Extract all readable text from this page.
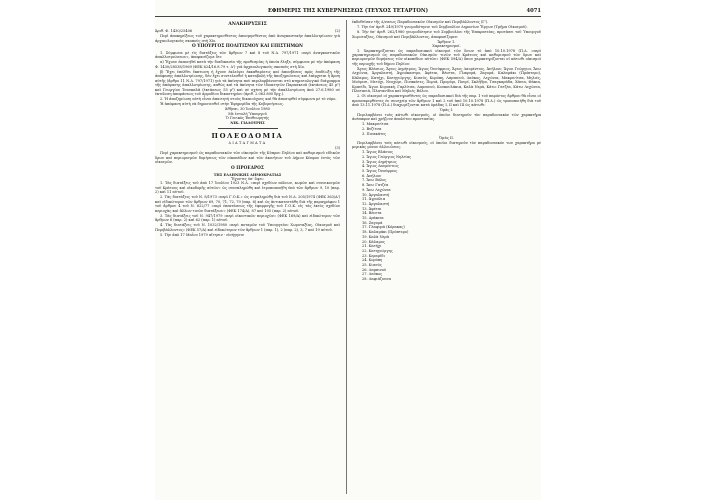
ΕΦΗΜΕΡΙΣ ΤΗΣ ΚΥΒΕΡΝΗΣΕΩΣ (ΤΕΥΧΟΣ ΤΕΤΑΡΤΟΝ)	4071
ΑΝΑΚΗΡΥΞΕΙΣ
Άριθ. Φ. 1430/25406	(2)
Περὶ ἀποκηρύξεως τοῦ χαρακτηρισθέντος ἀποσμησθέντος ἀπὸ ἀναγκαστικὴν ἀπαλλοτρίωσιν γιὰ ἀρχαιολογικοὺς σκοποὺς στὴ Χίο.
Ο ΥΠΟΥΡΓΟΣ ΠΟΛΙΤΙΣΜΟΥ ΚΑΙ ΕΠΙΣΤΗΜΩΝ
1. Σύμφωνα μὲ τὶς διατάξεις τῶν ἄρθρων 7 καὶ 8 τοῦ Ν.Δ. 797/1971 «περὶ ἀναγκαστικῶν ἀπαλλοτριώσεων», ἀποφασίζομε ὅτι:
α) Ἔχουν ἐκποιηθεῖ κατὰ τὴν διαδικασία τῆς προθεσμίας ἡ ὁποία ἔληξε, σύμφωνα μὲ τὴν ἀπόφαση Φ. 1430/28538/1969 (ΦΕΚ 624/16.8.79 τ. Δ') γιὰ ἀρχαιολογικοὺς σκοποὺς στὴ Χίο.
β) Ἔχει ἐπέλθει ἔκπτωση ἡ ἔχουν ἐκλείψει ἐκκαθαρίσεις καὶ ἀποσβέσεις πρὸς ἐπιδίωξη τῆς ἀπόφασης ἀπαλλοτρίωσης, δὲν ἔχει συντελεσθεῖ ἡ καταβολὴ τῆς ἀποζημιώσεως καὶ ἐπέρχεται ἡ ἄρση αὐτῆς (ἄρθρο 11 Ν.Δ. 797/1971) γιὰ τὰ ἀκίνητα ποὺ περιλαμβάνονται στὸ κτηματολογικὸ διάγραμμα τῆς ἀπόφασης ἀπαλλοτρίωσης, καθὼς καὶ τὰ ἀκίνητα τῶν ἰδιοκτητῶν Παρασκευᾶ (ἐκτάσεως 45 μ²) καὶ Γεωργίου Τσουκαλᾶ (ἐκτάσεως 55 μ²) καὶ σὲ σχέση μὲ τὴν ἀπαλλοτρίωση ἀπὸ 27.6.1980 σὲ ἐκτέλεση ἀποφάσεως τοῦ ἀρμοδίου δικαστηρίου (ἀριθ. 2.063.800 δρχ.).
2. Ἡ ἀποζημίωση αὐτὴ εἶναι ἀπαιτητὴ στοὺς δικαιούχους καὶ θὰ ἀποσυρθεῖ σύμφωνα μὲ τὸ νόμο.
Ἡ ἀπόφαση αὐτὴ νὰ δημοσιευθεῖ στὴν Ἐφημερίδα τῆς Κυβερνήσεως.
Ἀθῆναι, 30 Ἰουλίου 1980
Μὲ ἐντολὴ Ὑπουργοῦ
Ὁ Γενικὸς Ἐπιθεωρητὴς
ΝΙΚ. ΓΙΑΛΟΥΡΗΣ
ΠΟΛΕΟΔΟΜΙΑ
ΔΙΑΤΑΓΜΑΤΑ
(3)

Περὶ χαρακτηρισμοῦ ὡς παραδοσιακῶν τῶν οἰκισμῶν τῆς Κύπρου Πηλίου καὶ καθορισμοῦ εἰδικῶν ὅρων καὶ περιορισμῶν δομήσεως τῶν οἰκοπέδων καὶ τῶν ἀκινήτων τοῦ Δήμου Κύπρου ἐντὸς τῶν οἰκισμῶν.
Ο ΠΡΟΕΔΡΟΣ
ΤΗΣ ΕΛΛΗΝΙΚΗΣ ΔΗΜΟΚΡΑΤΙΑΣ
Ἔχοντες ὑπ' ὄψει:
1. Τὰς διατάξεις τοῦ ἀπὸ 17 Ἰουλίου 1923 Ν.Δ. «περὶ σχεδίων πόλεων, κωμῶν καὶ συνοικισμῶν τοῦ Κράτους καὶ οἰκοδομῆς αὐτῶν» ὡς συνεπληρώθη καὶ ἐτροποποιήθη ὑπὸ τῶν ἄρθρων 9, 10 (παρ. 2) καὶ 11 αὐτοῦ.
2. Τὰς διατάξεις τοῦ Ν. 8/1973 «περὶ Γ.Ο.Κ.» ὡς συμπληρώθη διὰ τοῦ Ν.Δ. 205/1974 (ΦΕΚ 363/Α') καὶ εἰδικώτερον τῶν ἄρθρων 69, 70, 71, 72, 79 (παρ. 6) καὶ ὡς ἀντικατεστάθη διὰ τῆς παραγράφου 1 τοῦ ἄρθρου 4 τοῦ Ν. 622/77 «περὶ ἐπεκτάσεως τῆς ἐφαρμογῆς τοῦ Γ.Ο.Κ. εἰς τὰς ἐκτὸς σχεδίου περιοχὰς καὶ ἄλλων τινῶν διατάξεων» (ΦΕΚ 174/Α), 87 καὶ 105 (παρ. 2) αὐτοῦ.
3. Τὰς διατάξεις τοῦ Ν. 947/1979 «περὶ οἰκιστικῶν περιοχῶν» (ΦΕΚ 169/Α) καὶ εἰδικώτερον τῶν ἄρθρων 6 (παρ. 2) καὶ 62 (παρ. 1) αὐτοῦ.
4. Τὰς διατάξεις τοῦ Ν. 1032/1980 «περὶ ποταμῶν τοῦ Ὑπουργείου Χωροταξίας, Οἰκισμοῦ καὶ Περιβάλλοντος» (ΦΕΚ 57/Α) καὶ εἰδικώτερον τῶν ἄρθρων 1 (παρ. 1), 2 (παρ. 2), 3, 7 καὶ 19 αὐτοῦ.
5. Τὴν ἀπὸ 17 Μαΐου 1979 αἴτησιν - εἰσήγησιν
ἐκδοθεῖσαν τῆς Δ/νσεως Παραδοσιακῶν Οἰκισμῶν καὶ Περιβάλλοντος (Γ').
7. Τὴν ὑπ' ἀριθ. 249/1979 γνωμοδότησιν τοῦ Συμβουλίου Δημοσίων Ἔργων (Τμῆμα Οἰκισμοῦ).
8. Τὴν ὑπ' ἀριθ. 262/1980 γνωμοδότησιν τοῦ Συμβουλίου τῆς Ἐπικρατείας, προτάσει τοῦ Ὑπουργοῦ Χωροταξίας, Οἰκισμοῦ καὶ Περιβάλλοντος, ἀποφασίζομεν:
Ἄρθρον 1.
Χαρακτηρισμοί.
1. Χαρακτηρίζονται ὡς παραδοσιακοὶ οἰκισμοὶ τῶν ὅσων τὸ ἀπὸ 10.10.1978 (Π.Δ. «περὶ χαρακτηρισμοῦ ὡς παραδοσιακῶν Οἰκισμῶν τινῶν τοῦ Κράτους καὶ καθορισμοῦ τῶν ὅρων καὶ περιορισμῶν δομήσεως τῶν οἰκοπέδων αὐτῶν» (ΦΕΚ 594/Δ) ὅπου χαρακτηρίζονται οἱ κάτωθι οἰκισμοὶ τῆς περιοχῆς τοῦ δήμου Πηλίου:
Ἅγιος Βλάσιος, Ἅγιος Δημήτριος, Ἅγιος Ὀνούφριος, Ἅγιος Λαυρέντιος, Ἀνήλιον, Ἅγιοι Γεώργιοι, Ἄνω Λεχώνια, Ἀργαλαστή, Ἀγριόκαστρο, Ἀφέται, Βένετα, Γλαφυρά, Ζαγορά, Καλαμάκι (Πρόπτερο), Κάλαμος, Κατήχι, Κατηγιώργης, Κισσός, Κορόπη, Λαμπινού, Λαύκος, Λεχώνια, Μακρινίτσα, Μηλιές, Μούρεσι, Μετόχι, Νεοχώρι, Πινακάτες, Ποριά, Προμύρι, Πουρί, Σκλήθρο, Τσαγκαράδα, Χάνια, Φάκια, Κρανίδι, Ἅγιοι Κυριακή, Γαρλίτσα, Λαμπινού, Κουκουλάκια, Καλὰ Νερά, Κάτω Γατζέα, Κάτω Λεχώνια, Πλατανιά, Πλατανίδια καὶ Μηλιὲς Βόλου.
2. Οἱ οἰκισμοὶ οἱ χαρακτηρισθέντες ὡς παραδοσιακοὶ διὰ τῆς παρ. 1 τοῦ παρόντος ἄρθρου θὰ εἶναι οἱ προαναφερθέντες ἐν συνεχείᾳ τῶν ἄρθρων 1 καὶ 2 τοῦ ἀπὸ 10.10.1978 (Π.Δ.) ὡς τροποποιήθη διὰ τοῦ ἀπὸ 13.11.1978 (Π.Δ.) διαχωρίζονται κατὰ ὁμάδας Ι, ΙΙ καὶ ΙΙΙ ὡς κάτωθι:
Ὁμὰς Ι.
Περιλαμβάνει τοὺς κάτωθι οἰκισμούς, οἱ ὁποῖοι διατηροῦν τὸν παραδοσιακὸν τῶν χαρακτῆρα ἀνέπαφον καὶ χρήζουν ἀπολύτου προστασίας.
1. Μακρινίτσα
2. Βυζίτσα
3. Πινακάτες
Ὁμὰς ΙΙ.
Περιλαμβάνει τοὺς κάτωθι οἰκισμούς, οἱ ὁποῖοι διατηροῦν τὸν παραδοσιακόν των χαρακτῆρα μὲ μερικὰς μόνον ἀλλοιώσεις.
1. Ἅγιος Βλάσιος
2. Ἅγιος Γεώργιος Νηλείας
3. Ἅγιος Δημήτριος
4. Ἅγιος Λαυρέντιος
5. Ἅγιος Ὀνούφριος
6. Ἀνήλιον
7. Ἄνω Βόλος
8. Ἄνω Γατζέα
9. Ἄνω Λεχώνια
10. Ἀργαλαστή
11. Ἀγριόλια
12. Ἀργαλαστή
13. Ἀφέται
14. Βένετα
15. Δράκεια
16. Ζαγορά
17. Γλαφυρά (Κόρακας)
18. Καλαμάκι (Πρόπτερο)
19. Καλὰ Νερά
20. Κάλαμος
21. Κατήχι
22. Κατηγιώργης
23. Κεραμίδι
24. Κορόπη
25. Κισσός
26. Λαμπινού
27. Λαύκος
28. Λαφιάζουσα
